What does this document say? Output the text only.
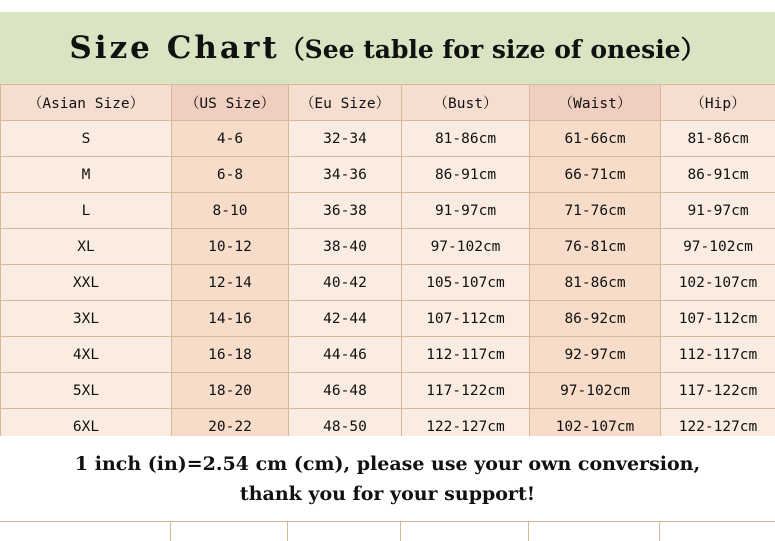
Size Chart（See table for size of onesie）
（Asian Size）	（US Size）	（Eu Size）	（Bust）	（Waist）	（Hip）
S	4-6	32-34	81-86cm	61-66cm	81-86cm
M	6-8	34-36	86-91cm	66-71cm	86-91cm
L	8-10	36-38	91-97cm	71-76cm	91-97cm
XL	10-12	38-40	97-102cm	76-81cm	97-102cm
XXL	12-14	40-42	105-107cm	81-86cm	102-107cm
3XL	14-16	42-44	107-112cm	86-92cm	107-112cm
4XL	16-18	44-46	112-117cm	92-97cm	112-117cm
5XL	18-20	46-48	117-122cm	97-102cm	117-122cm
6XL	20-22	48-50	122-127cm	102-107cm	122-127cm
1 inch (in)=2.54 cm (cm), please use your own conversion,
thank you for your support!
